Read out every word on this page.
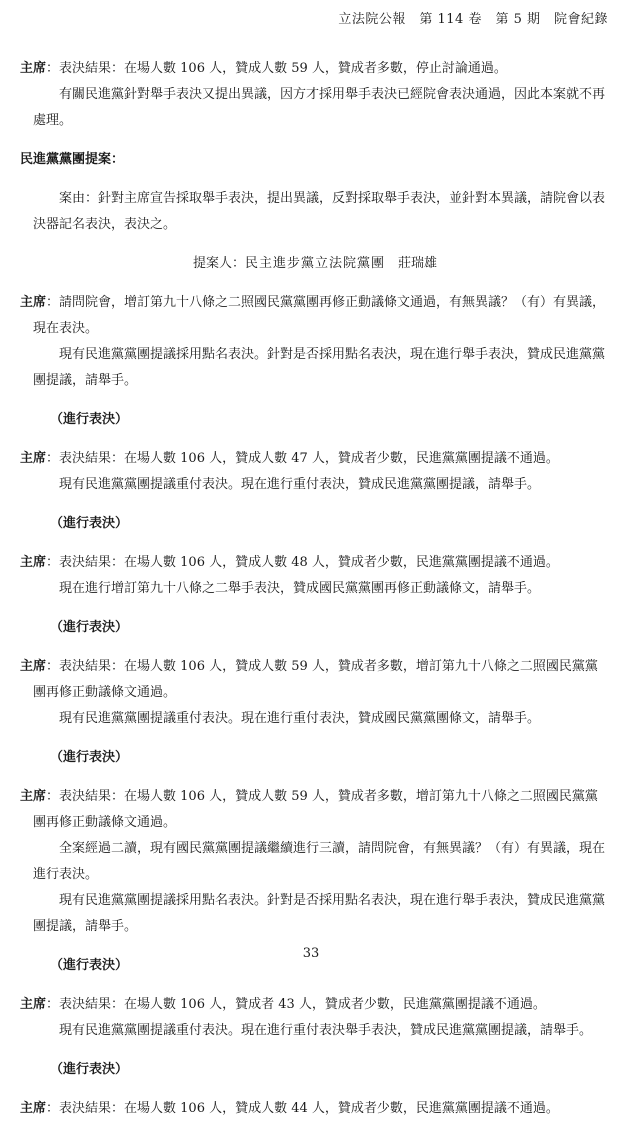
立法院公報　第 114 卷　第 5 期　院會紀錄

主席：表決結果：在場人數 106 人，贊成人數 59 人，贊成者多數，停止討論通過。

有關民進黨針對舉手表決又提出異議，因方才採用舉手表決已經院會表決通過，因此本案就不再處理。

民進黨黨團提案：

案由：針對主席宣告採取舉手表決，提出異議，反對採取舉手表決，並針對本異議，請院會以表決器記名表決，表決之。

提案人：民主進步黨立法院黨團　 莊瑞雄

主席：請問院會，增訂第九十八條之二照國民黨黨團再修正動議條文通過，有無異議？（有）有異議，現在表決。

現有民進黨黨團提議採用點名表決。針對是否採用點名表決，現在進行舉手表決，贊成民進黨黨團提議，請舉手。

（進行表決）

主席：表決結果：在場人數 106 人，贊成人數 47 人，贊成者少數，民進黨黨團提議不通過。

現有民進黨黨團提議重付表決。現在進行重付表決，贊成民進黨黨團提議，請舉手。

（進行表決）

主席：表決結果：在場人數 106 人，贊成人數 48 人，贊成者少數，民進黨黨團提議不通過。

現在進行增訂第九十八條之二舉手表決，贊成國民黨黨團再修正動議條文，請舉手。

（進行表決）

主席：表決結果：在場人數 106 人，贊成人數 59 人，贊成者多數，增訂第九十八條之二照國民黨黨團再修正動議條文通過。

現有民進黨黨團提議重付表決。現在進行重付表決，贊成國民黨黨團條文，請舉手。

（進行表決）

主席：表決結果：在場人數 106 人，贊成人數 59 人，贊成者多數，增訂第九十八條之二照國民黨黨團再修正動議條文通過。

全案經過二讀，現有國民黨黨團提議繼續進行三讀，請問院會，有無異議？（有）有異議，現在進行表決。

現有民進黨黨團提議採用點名表決。針對是否採用點名表決，現在進行舉手表決，贊成民進黨黨團提議，請舉手。

（進行表決）

主席：表決結果：在場人數 106 人，贊成者 43 人，贊成者少數，民進黨黨團提議不通過。

現有民進黨黨團提議重付表決。現在進行重付表決舉手表決，贊成民進黨黨團提議，請舉手。

（進行表決）

主席：表決結果：在場人數 106 人，贊成人數 44 人，贊成者少數，民進黨黨團提議不通過。

33
